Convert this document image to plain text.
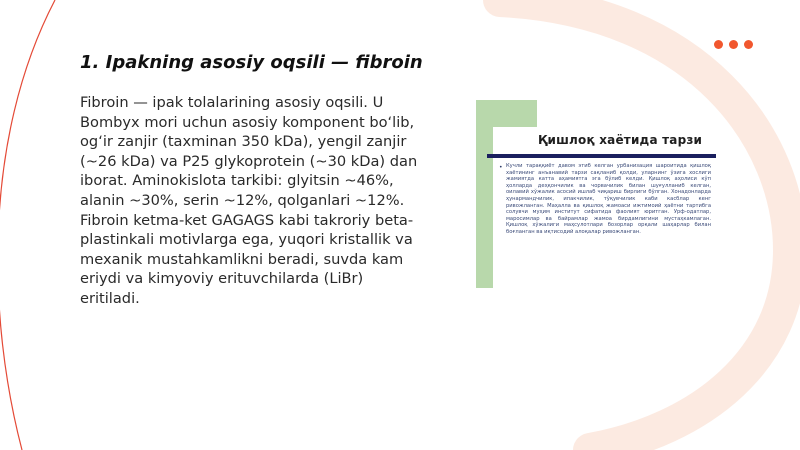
1. Ipakning asosiy oqsili — fibroin

Fibroin — ipak tolalarining asosiy oqsili. U Bombyx mori uchun asosiy komponent bo‘lib, og‘ir zanjir (taxminan 350 kDa), yengil zanjir (~26 kDa) va P25 glykoprotein (~30 kDa) dan iborat. Aminokislota tarkibi: glyitsin ~46%, alanin ~30%, serin ~12%, qolganlari ~12%. Fibroin ketma-ket GAGAGS kabi takroriy beta-plastinkali motivlarga ega, yuqori kristallik va mexanik mustahkamlikni beradi, suvda kam eriydi va kimyoviy erituvchilarda (LiBr) eritiladi.

Қишлоқ хаётида тарзи
• Кучли тараққиёт давом этиб келган урбанизация шароитида қишлоқ хаётининг анъанавий тарзи сақланиб қолди, уларнинг ўзига хослиги жамиятда катта аҳамиятга эга бўлиб келди. Қишлоқ аҳолиси кўп ҳолларда деҳқончилик ва чорвачилик билан шуғулланиб келган, оилавий хўжалик асосий ишлаб чиқариш бирлиги бўлган. Хонадонларда ҳунармандчилик, ипакчилик, тўқувчилик каби касблар кенг ривожланган. Маҳалла ва қишлоқ жамоаси ижтимоий ҳаётни тартибга солувчи муҳим институт сифатида фаолият юритган. Урф-одатлар, маросимлар ва байрамлар жамоа бирдамлигини мустаҳкамлаган. Қишлоқ хўжалиги маҳсулотлари бозорлар орқали шаҳарлар билан боғланган ва иқтисодий алоқалар ривожланган.
